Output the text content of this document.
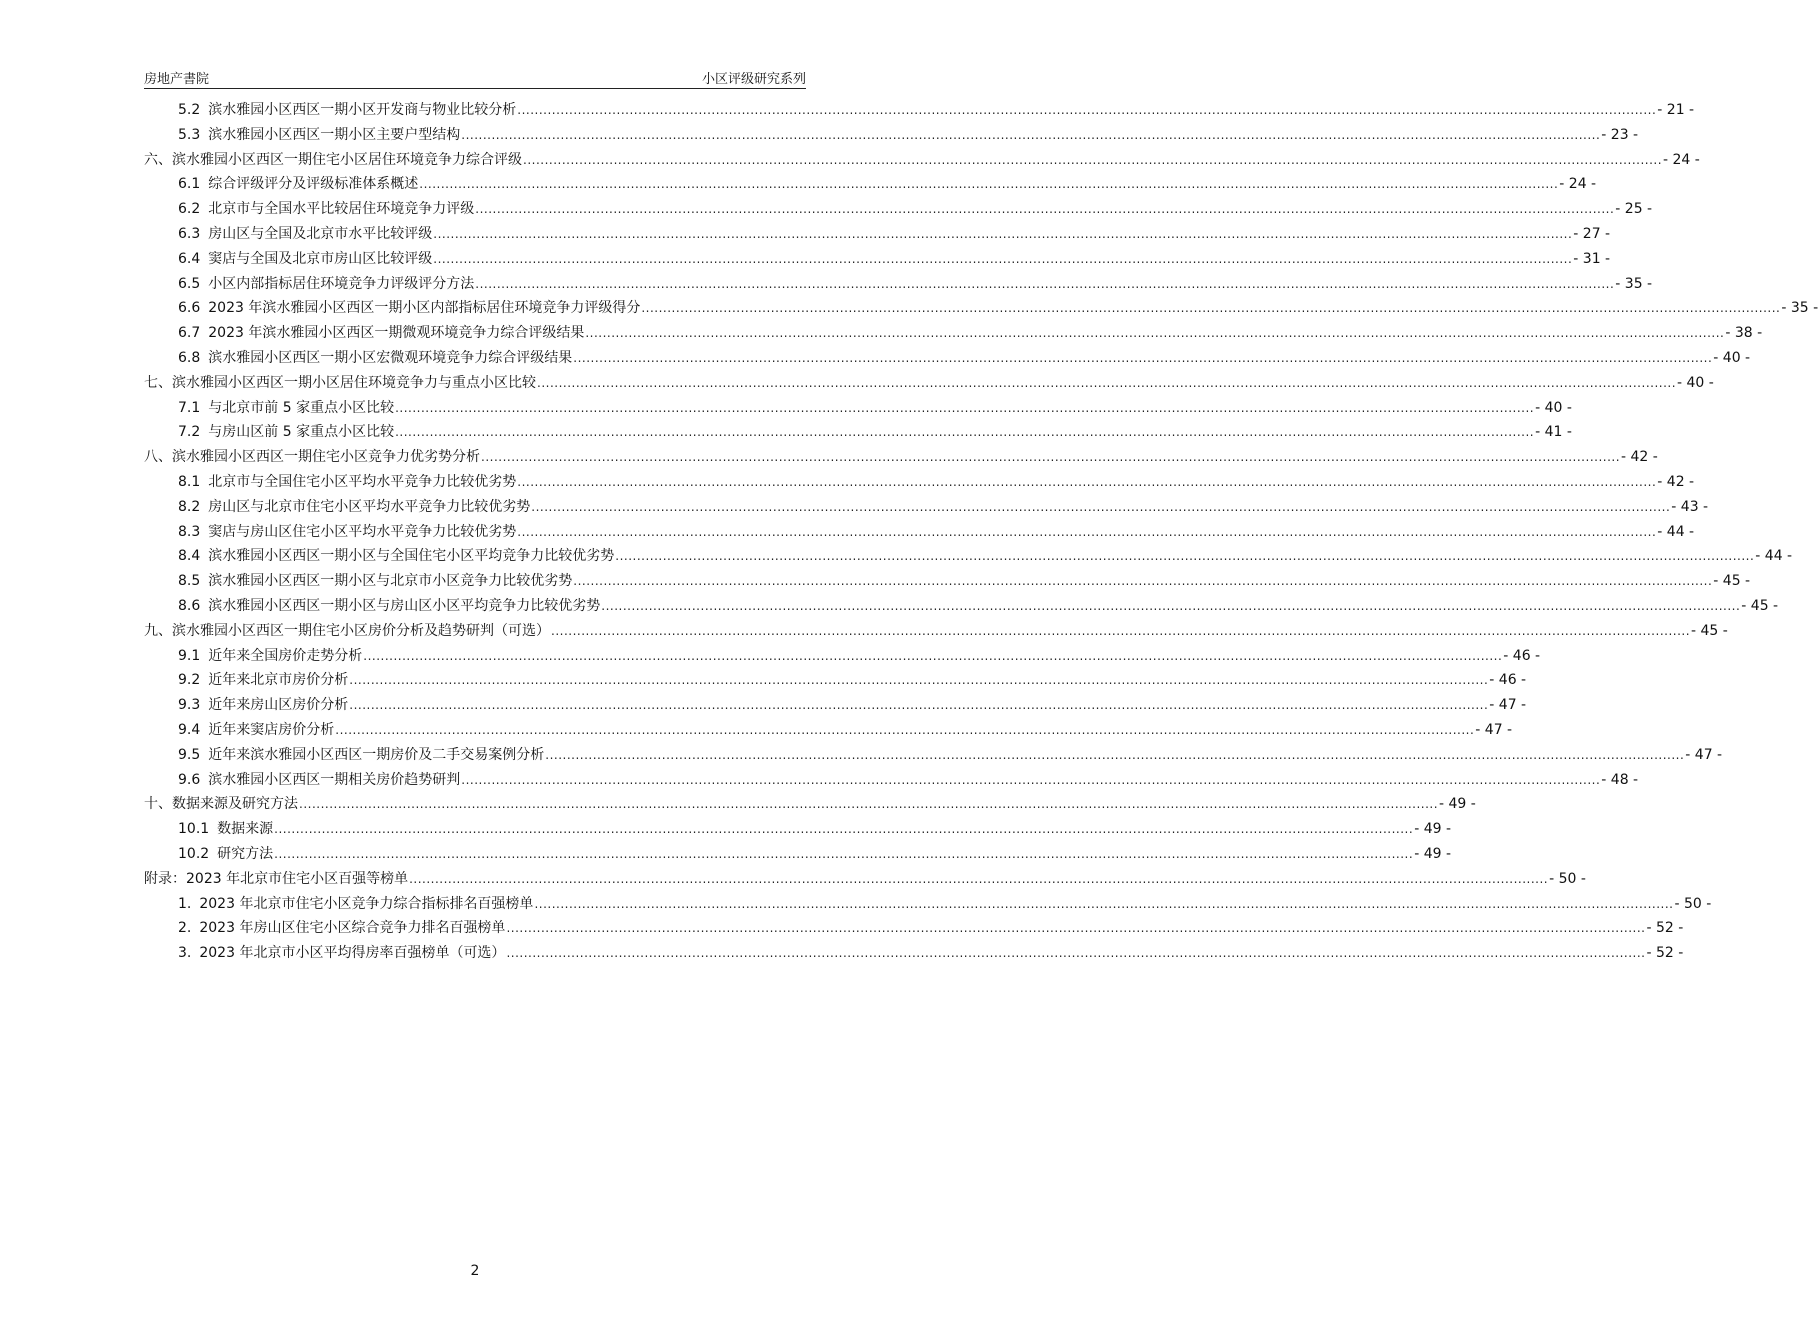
房地产書院	小区评级研究系列
5.2 滨水雅园小区西区一期小区开发商与物业比较分析 .....	- 21 -
5.3 滨水雅园小区西区一期小区主要户型结构 .....	- 23 -
六、 滨水雅园小区西区一期住宅小区居住环境竞争力综合评级 .....	- 24 -
6.1 综合评级评分及评级标准体系概述 .....	- 24 -
6.2 北京市与全国水平比较居住环境竞争力评级 .....	- 25 -
6.3 房山区与全国及北京市水平比较评级 .....	- 27 -
6.4 窦店与全国及北京市房山区比较评级 .....	- 31 -
6.5 小区内部指标居住环境竞争力评级评分方法 .....	- 35 -
6.6 2023 年滨水雅园小区西区一期小区内部指标居住环境竞争力评级得分 .....	- 35 -
6.7 2023 年滨水雅园小区西区一期微观环境竞争力综合评级结果 .....	- 38 -
6.8 滨水雅园小区西区一期小区宏微观环境竞争力综合评级结果 .....	- 40 -
七、 滨水雅园小区西区一期小区居住环境竞争力与重点小区比较 .....	- 40 -
7.1 与北京市前 5 家重点小区比较 .....	- 40 -
7.2 与房山区前 5 家重点小区比较 .....	- 41 -
八、 滨水雅园小区西区一期住宅小区竞争力优劣势分析 .....	- 42 -
8.1 北京市与全国住宅小区平均水平竞争力比较优劣势 .....	- 42 -
8.2 房山区与北京市住宅小区平均水平竞争力比较优劣势 .....	- 43 -
8.3 窦店与房山区住宅小区平均水平竞争力比较优劣势 .....	- 44 -
8.4 滨水雅园小区西区一期小区与全国住宅小区平均竞争力比较优劣势 .....	- 44 -
8.5 滨水雅园小区西区一期小区与北京市小区竞争力比较优劣势 .....	- 45 -
8.6 滨水雅园小区西区一期小区与房山区小区平均竞争力比较优劣势 .....	- 45 -
九、 滨水雅园小区西区一期住宅小区房价分析及趋势研判（可选） .....	- 45 -
9.1 近年来全国房价走势分析 .....	- 46 -
9.2 近年来北京市房价分析 .....	- 46 -
9.3 近年来房山区房价分析 .....	- 47 -
9.4 近年来窦店房价分析 .....	- 47 -
9.5 近年来滨水雅园小区西区一期房价及二手交易案例分析 .....	- 47 -
9.6 滨水雅园小区西区一期相关房价趋势研判 .....	- 48 -
十、 数据来源及研究方法 .....	- 49 -
10.1 数据来源 .....	- 49 -
10.2 研究方法 .....	- 49 -
附录：2023 年北京市住宅小区百强等榜单 .....	- 50 -
1. 2023 年北京市住宅小区竞争力综合指标排名百强榜单 .....	- 50 -
2. 2023 年房山区住宅小区综合竞争力排名百强榜单 .....	- 52 -
3. 2023 年北京市小区平均得房率百强榜单（可选） .....	- 52 -
2
